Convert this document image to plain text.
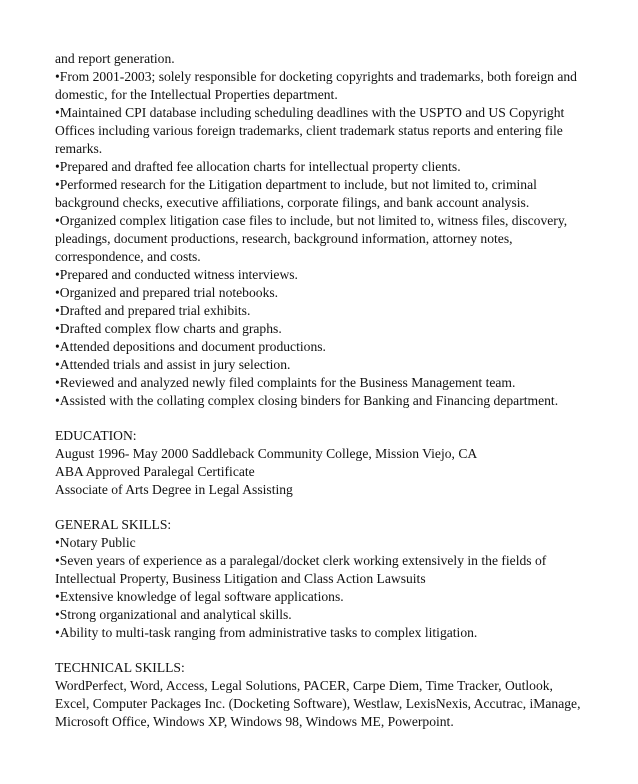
and report generation.
•From 2001-2003; solely responsible for docketing copyrights and trademarks, both foreign and
domestic, for the Intellectual Properties department.
•Maintained CPI database including scheduling deadlines with the USPTO and US Copyright
Offices including various foreign trademarks, client trademark status reports and entering file
remarks.
•Prepared and drafted fee allocation charts for intellectual property clients.
•Performed research for the Litigation department to include, but not limited to, criminal
background checks, executive affiliations, corporate filings, and bank account analysis.
•Organized complex litigation case files to include, but not limited to, witness files, discovery,
pleadings, document productions, research, background information, attorney notes,
correspondence, and costs.
•Prepared and conducted witness interviews.
•Organized and prepared trial notebooks.
•Drafted and prepared trial exhibits.
•Drafted complex flow charts and graphs.
•Attended depositions and document productions.
•Attended trials and assist in jury selection.
•Reviewed and analyzed newly filed complaints for the Business Management team.
•Assisted with the collating complex closing binders for Banking and Financing department.
EDUCATION:
August 1996- May 2000 Saddleback Community College, Mission Viejo, CA
ABA Approved Paralegal Certificate
Associate of Arts Degree in Legal Assisting
GENERAL SKILLS:
•Notary Public
•Seven years of experience as a paralegal/docket clerk working extensively in the fields of
Intellectual Property, Business Litigation and Class Action Lawsuits
•Extensive knowledge of legal software applications.
•Strong organizational and analytical skills.
•Ability to multi-task ranging from administrative tasks to complex litigation.
TECHNICAL SKILLS:
WordPerfect, Word, Access, Legal Solutions, PACER, Carpe Diem, Time Tracker, Outlook,
Excel, Computer Packages Inc. (Docketing Software), Westlaw, LexisNexis, Accutrac, iManage,
Microsoft Office, Windows XP, Windows 98, Windows ME, Powerpoint.
